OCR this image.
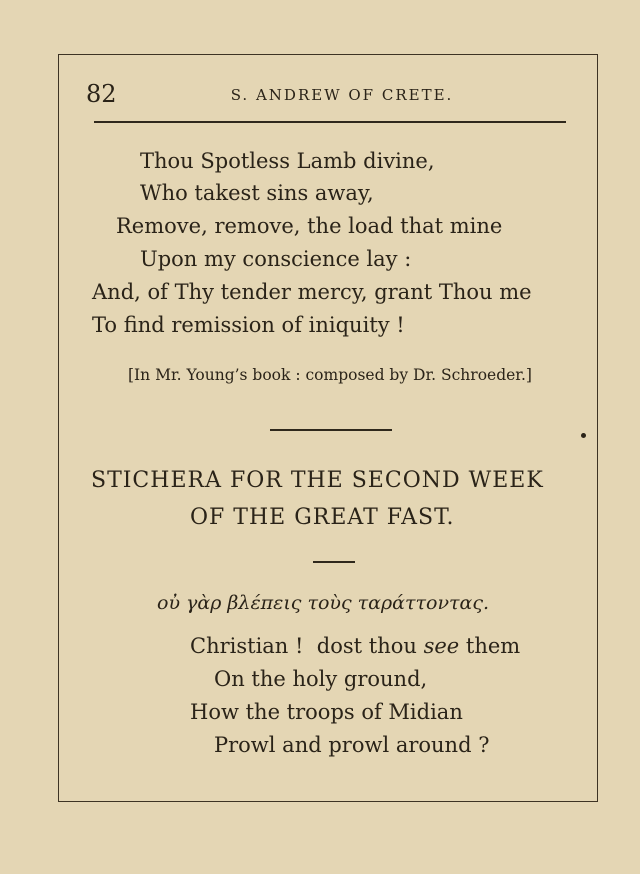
82	S. ANDREW OF CRETE.
Thou Spotless Lamb divine,
Who takest sins away,
Remove, remove, the load that mine
Upon my conscience lay :
And, of Thy tender mercy, grant Thou me
To find remission of iniquity !
[In Mr. Young’s book : composed by Dr. Schroeder.]
STICHERA FOR THE SECOND WEEK
OF THE GREAT FAST.
οὐ γὰρ βλέπεις τοὺς ταράττοντας.
Christian !  dost thou see them
On the holy ground,
How the troops of Midian
Prowl and prowl around ?
